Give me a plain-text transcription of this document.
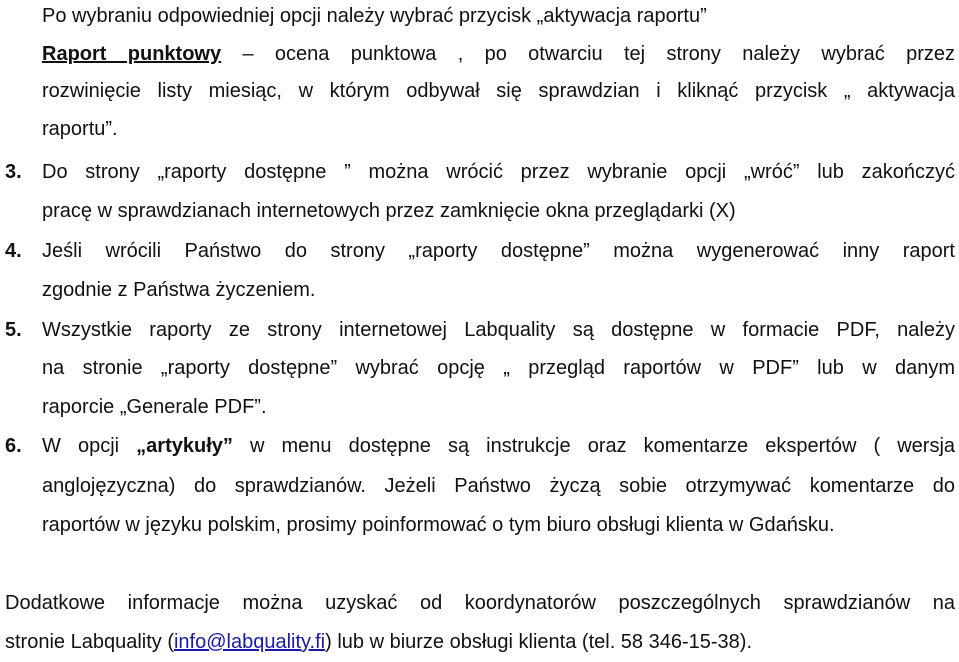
Po wybraniu odpowiedniej opcji należy wybrać przycisk „aktywacja raportu”
Raport punktowy – ocena punktowa , po otwarciu tej strony należy wybrać przez
rozwinięcie listy miesiąc, w którym odbywał się sprawdzian i kliknąć przycisk „ aktywacja
raportu”.
3. Do strony „raporty dostępne ” można wrócić przez wybranie opcji „wróć” lub zakończyć
pracę w sprawdzianach internetowych przez zamknięcie okna przeglądarki (X)
4. Jeśli wrócili Państwo do strony „raporty dostępne” można wygenerować inny raport
zgodnie z Państwa życzeniem.
5. Wszystkie raporty ze strony internetowej Labquality są dostępne w formacie PDF, należy
na stronie „raporty dostępne” wybrać opcję „ przegląd raportów w PDF” lub w danym
raporcie „Generale PDF”.
6. W opcji „artykuły” w menu dostępne są instrukcje oraz komentarze ekspertów ( wersja
anglojęzyczna) do sprawdzianów. Jeżeli Państwo życzą sobie otrzymywać komentarze do
raportów w języku polskim, prosimy poinformować o tym biuro obsługi klienta w Gdańsku.
Dodatkowe informacje można uzyskać od koordynatorów poszczególnych sprawdzianów na
stronie Labquality (info@labquality.fi) lub w biurze obsługi klienta (tel. 58 346-15-38).
